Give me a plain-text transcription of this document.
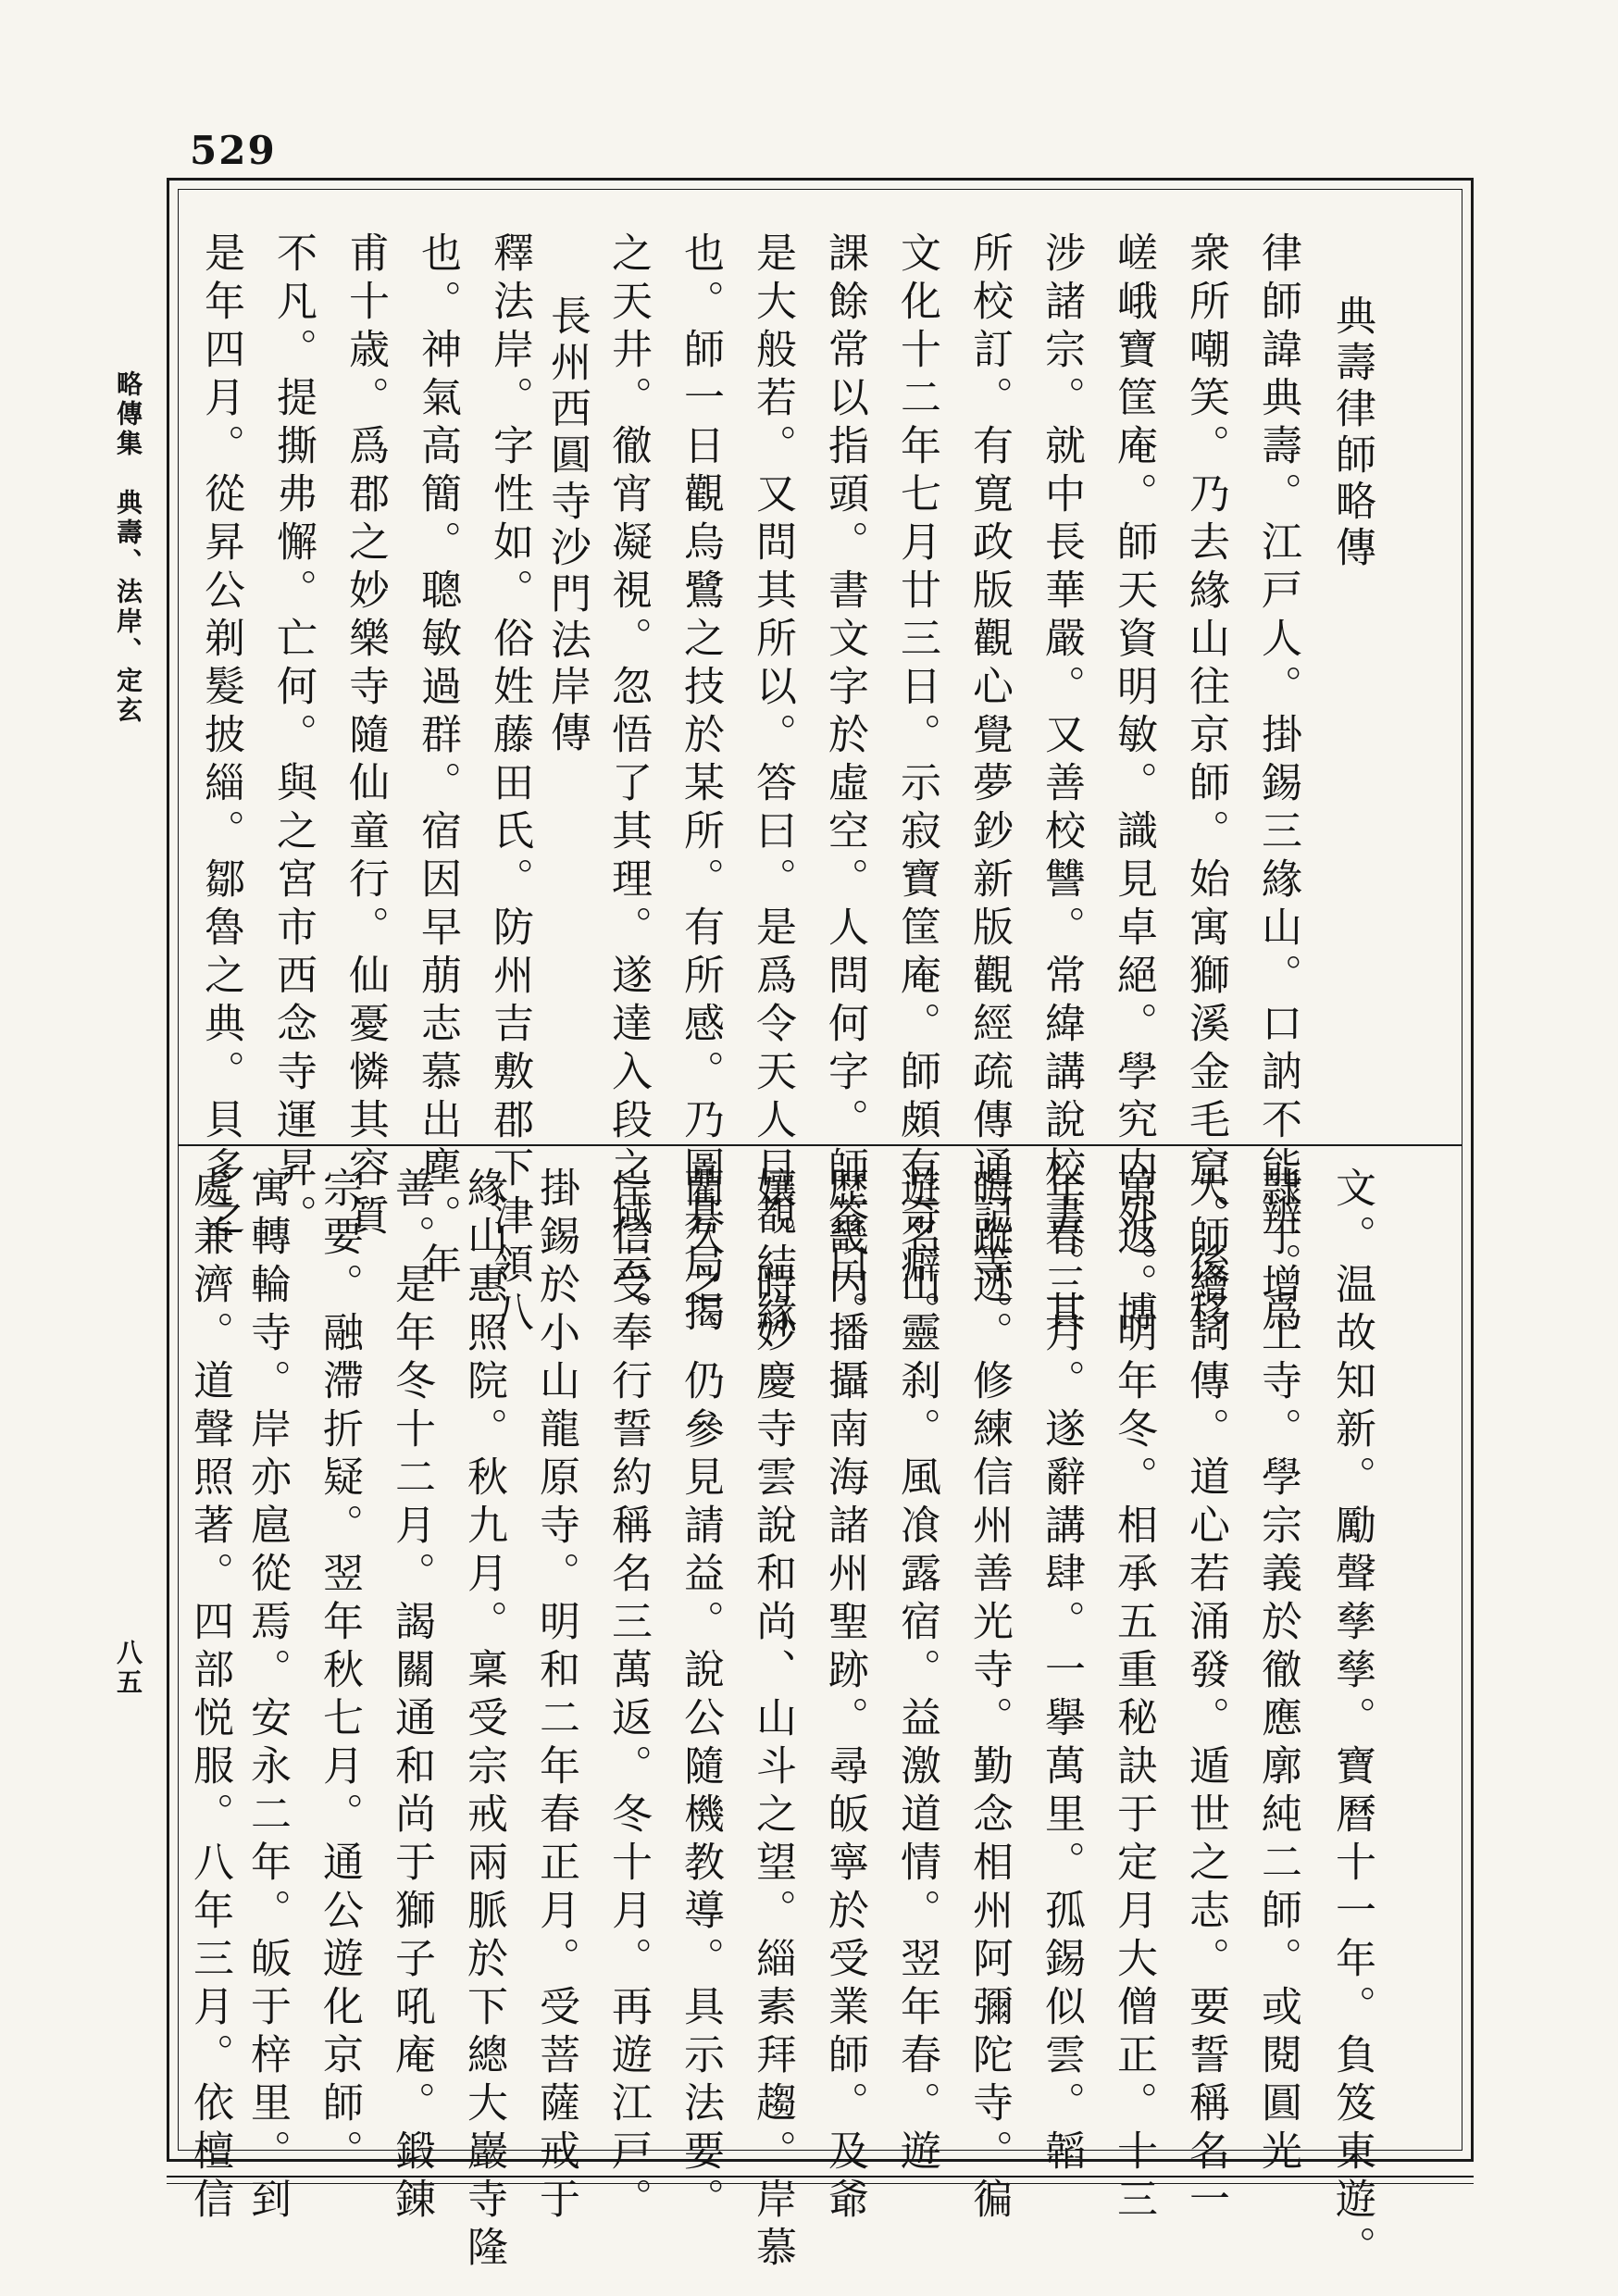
529
略傳集　典壽、法岸、定玄
八五
典壽律師略傳
律師諱典壽。江戸人。掛錫三緣山。口訥不能辨。爲
衆所嘲笑。乃去緣山往京師。始寓獅溪金毛窟。後移
嵯峨寶筐庵。師天資明敏。識見卓絕。學究内外。博
涉諸宗。就中長華嚴。又善校讐。常緯講說校書。其
所校訂。有寛政版觀心覺夢鈔新版觀經疏傳通記等。
文化十二年七月廿三日。示寂寶筐庵。師頗有奇癖。
課餘常以指頭。書文字於虛空。人問何字。師答曰。
是大般若。又問其所以。答曰。是爲令天人目覩結緣
也。師一日觀烏鷺之技於某所。有所感。乃圖碁局揭
之天井。徹宵凝視。忽悟了其理。遂達入段之域云。
長州西圓寺沙門法岸傳
釋法岸。字性如。俗姓藤田氏。防州吉敷郡下津領八
也。神氣高簡。聰敏過群。宿因早萠志慕出塵。年
甫十歳。爲郡之妙樂寺隨仙童行。仙憂憐其容質
不凡。提撕弗懈。亡何。與之宮市西念寺運昇。
是年四月。從昇公剃髮披緇。鄒魯之典。貝多之
文。温故知新。勵聲孳孳。寶曆十一年。負笈東遊。
隷于增上寺。學宗義於徹應廓純二師。或閱圓光
大師繪詞傳。道心若涌發。遁世之志。要誓稱名一
萬返。明年冬。相承五重秘訣于定月大僧正。十三
年春三月。遂辭講肆。一擧萬里。孤錫似雲。韜
晦蹤迹。修練信州善光寺。勤念相州阿彌陀寺。徧
遊名山靈刹。風飡露宿。益激道情。翌年春。遊
歷畿内播攝南海諸州聖跡。尋皈寧於受業師。及爺
孃。時妙慶寺雲說和尚、山斗之望。緇素拜趨。岸慕
藺久之。仍參見請益。說公隨機教導。具示法要。
岸信受奉行誓約稱名三萬返。冬十月。再遊江戸。
掛錫於小山龍原寺。明和二年春正月。受菩薩戒于
緣山惠照院。秋九月。稟受宗戒兩脈於下總大巖寺隆
善。是年冬十二月。謁關通和尚于獅子吼庵。鍛錬
宗要。融滯折疑。翌年秋七月。通公遊化京師。
寓轉輪寺。岸亦扈從焉。安永二年。皈于梓里。到
處兼濟。道聲照著。四部悦服。八年三月。依檀信
